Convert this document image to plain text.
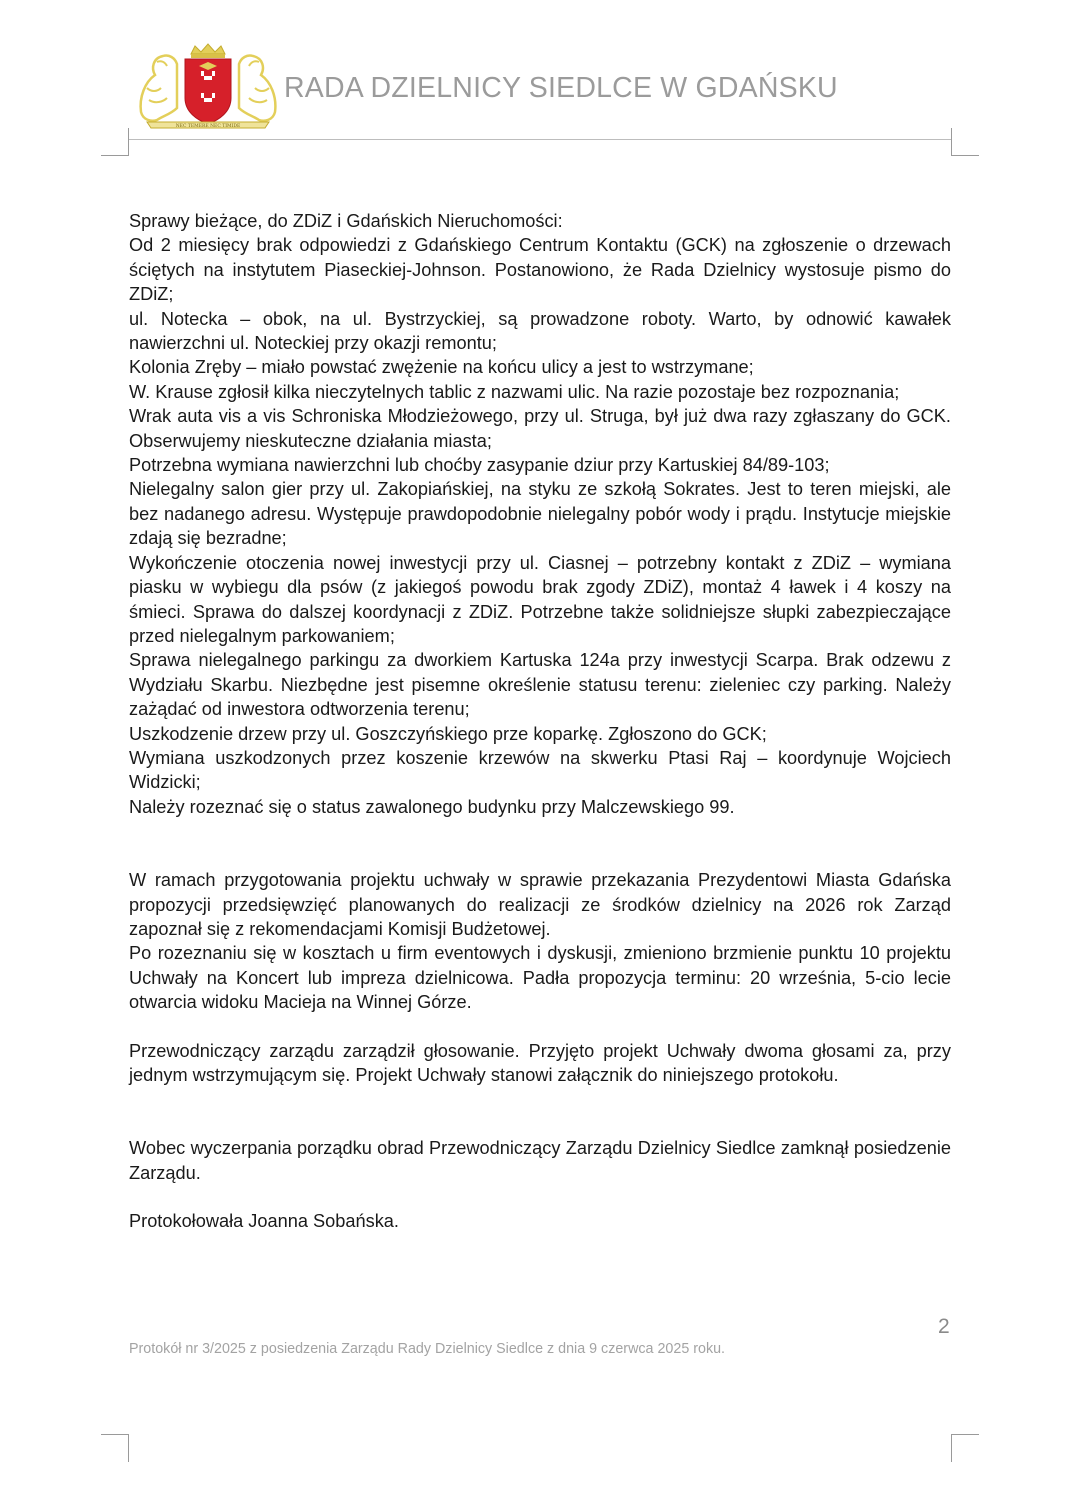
NEC TEMERE NEC TIMIDE
RADA DZIELNICY SIEDLCE W GDAŃSKU

Sprawy bieżące, do ZDiZ i Gdańskich Nieruchomości:

Od 2 miesięcy brak odpowiedzi z Gdańskiego Centrum Kontaktu (GCK) na zgłoszenie o drzewach ściętych na instytutem Piaseckiej-Johnson. Postanowiono, że Rada Dzielnicy wystosuje pismo do ZDiZ;

ul. Notecka – obok, na ul. Bystrzyckiej, są prowadzone roboty. Warto, by odnowić kawałek nawierzchni ul. Noteckiej przy okazji remontu;

Kolonia Zręby – miało powstać zwężenie na końcu ulicy a jest to wstrzymane;

W. Krause zgłosił kilka nieczytelnych tablic z nazwami ulic. Na razie pozostaje bez rozpoznania;

Wrak auta vis a vis Schroniska Młodzieżowego, przy ul. Struga, był już dwa razy zgłaszany do GCK. Obserwujemy nieskuteczne działania miasta;

Potrzebna wymiana nawierzchni lub choćby zasypanie dziur przy Kartuskiej 84/89-103;

Nielegalny salon gier przy ul. Zakopiańskiej, na styku ze szkołą Sokrates. Jest to teren miejski, ale bez nadanego adresu. Występuje prawdopodobnie nielegalny pobór wody i prądu. Instytucje miejskie zdają się bezradne;

Wykończenie otoczenia nowej inwestycji przy ul. Ciasnej – potrzebny kontakt z ZDiZ – wymiana piasku w wybiegu dla psów (z jakiegoś powodu brak zgody ZDiZ), montaż 4 ławek i 4 koszy na śmieci. Sprawa do dalszej koordynacji z ZDiZ. Potrzebne także solidniejsze słupki zabezpieczające przed nielegalnym parkowaniem;

Sprawa nielegalnego parkingu za dworkiem Kartuska 124a przy inwestycji Scarpa. Brak odzewu z Wydziału Skarbu. Niezbędne jest pisemne określenie statusu terenu: zieleniec czy parking. Należy zażądać od inwestora odtworzenia terenu;

Uszkodzenie drzew przy ul. Goszczyńskiego prze koparkę. Zgłoszono do GCK;

Wymiana uszkodzonych przez koszenie krzewów na skwerku Ptasi Raj – koordynuje Wojciech Widzicki;

Należy rozeznać się o status zawalonego budynku przy Malczewskiego 99.

W ramach przygotowania projektu uchwały w sprawie przekazania Prezydentowi Miasta Gdańska propozycji przedsięwzięć planowanych do realizacji ze środków dzielnicy na 2026 rok Zarząd zapoznał się z rekomendacjami Komisji Budżetowej.

Po rozeznaniu się w kosztach u firm eventowych i dyskusji, zmieniono brzmienie punktu 10 projektu Uchwały na Koncert lub impreza dzielnicowa. Padła propozycja terminu: 20 września, 5-cio lecie otwarcia widoku Macieja na Winnej Górze.

Przewodniczący zarządu zarządził głosowanie. Przyjęto projekt Uchwały dwoma głosami za, przy jednym wstrzymującym się. Projekt Uchwały stanowi załącznik do niniejszego protokołu.

Wobec wyczerpania porządku obrad Przewodniczący Zarządu Dzielnicy Siedlce zamknął posiedzenie Zarządu.

Protokołowała Joanna Sobańska.

2
Protokół nr 3/2025 z posiedzenia Zarządu Rady Dzielnicy Siedlce z dnia 9 czerwca 2025 roku.
